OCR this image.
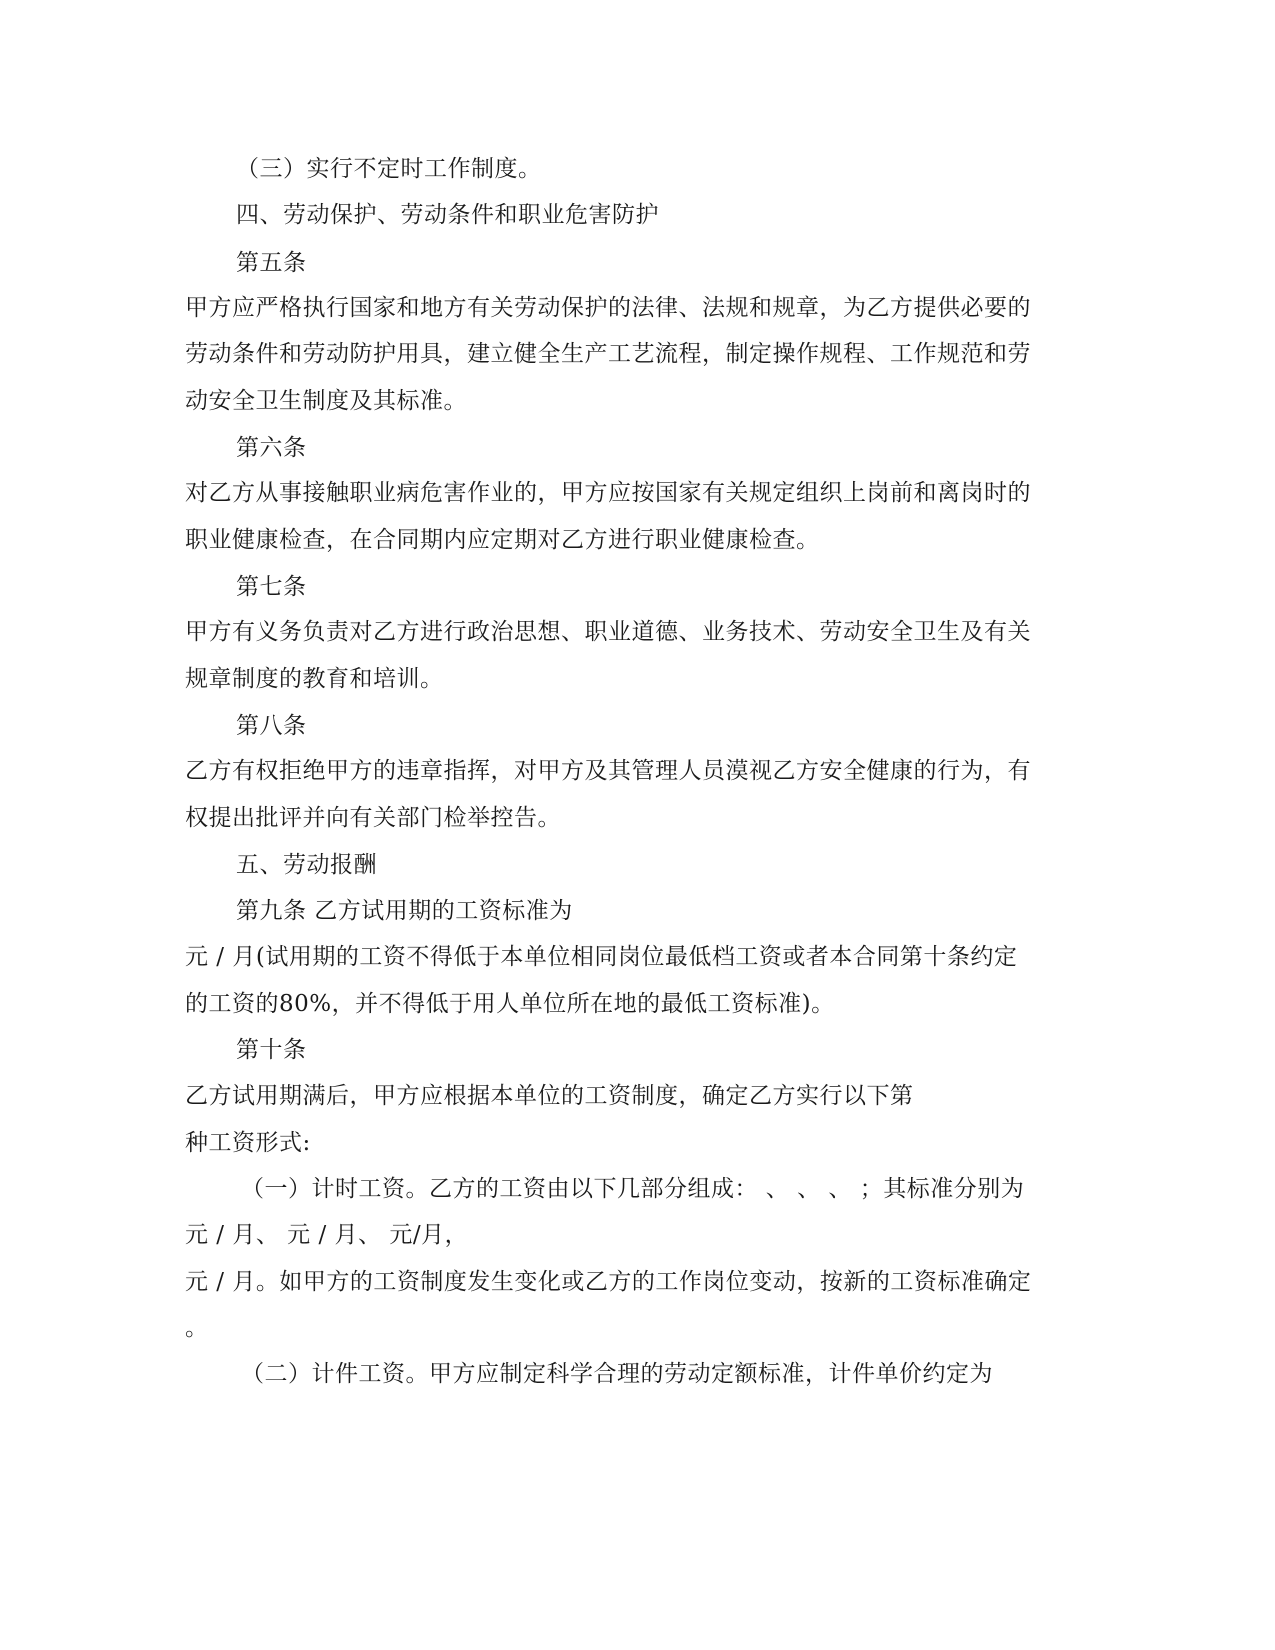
（三）实行不定时工作制度。
四、劳动保护、劳动条件和职业危害防护
第五条
甲方应严格执行国家和地方有关劳动保护的法律、法规和规章，为乙方提供必要的
劳动条件和劳动防护用具，建立健全生产工艺流程，制定操作规程、工作规范和劳
动安全卫生制度及其标准。
第六条
对乙方从事接触职业病危害作业的，甲方应按国家有关规定组织上岗前和离岗时的
职业健康检查，在合同期内应定期对乙方进行职业健康检查。
第七条
甲方有义务负责对乙方进行政治思想、职业道德、业务技术、劳动安全卫生及有关
规章制度的教育和培训。
第八条
乙方有权拒绝甲方的违章指挥，对甲方及其管理人员漠视乙方安全健康的行为，有
权提出批评并向有关部门检举控告。
五、劳动报酬
第九条 乙方试用期的工资标准为
元 / 月(试用期的工资不得低于本单位相同岗位最低档工资或者本合同第十条约定
的工资的80%，并不得低于用人单位所在地的最低工资标准)。
第十条
乙方试用期满后，甲方应根据本单位的工资制度，确定乙方实行以下第
种工资形式:
（一）计时工资。乙方的工资由以下几部分组成： 、 、 、 ；其标准分别为
元 / 月、 元 / 月、 元/月，
元 / 月。如甲方的工资制度发生变化或乙方的工作岗位变动，按新的工资标准确定
。
（二）计件工资。甲方应制定科学合理的劳动定额标准，计件单价约定为
